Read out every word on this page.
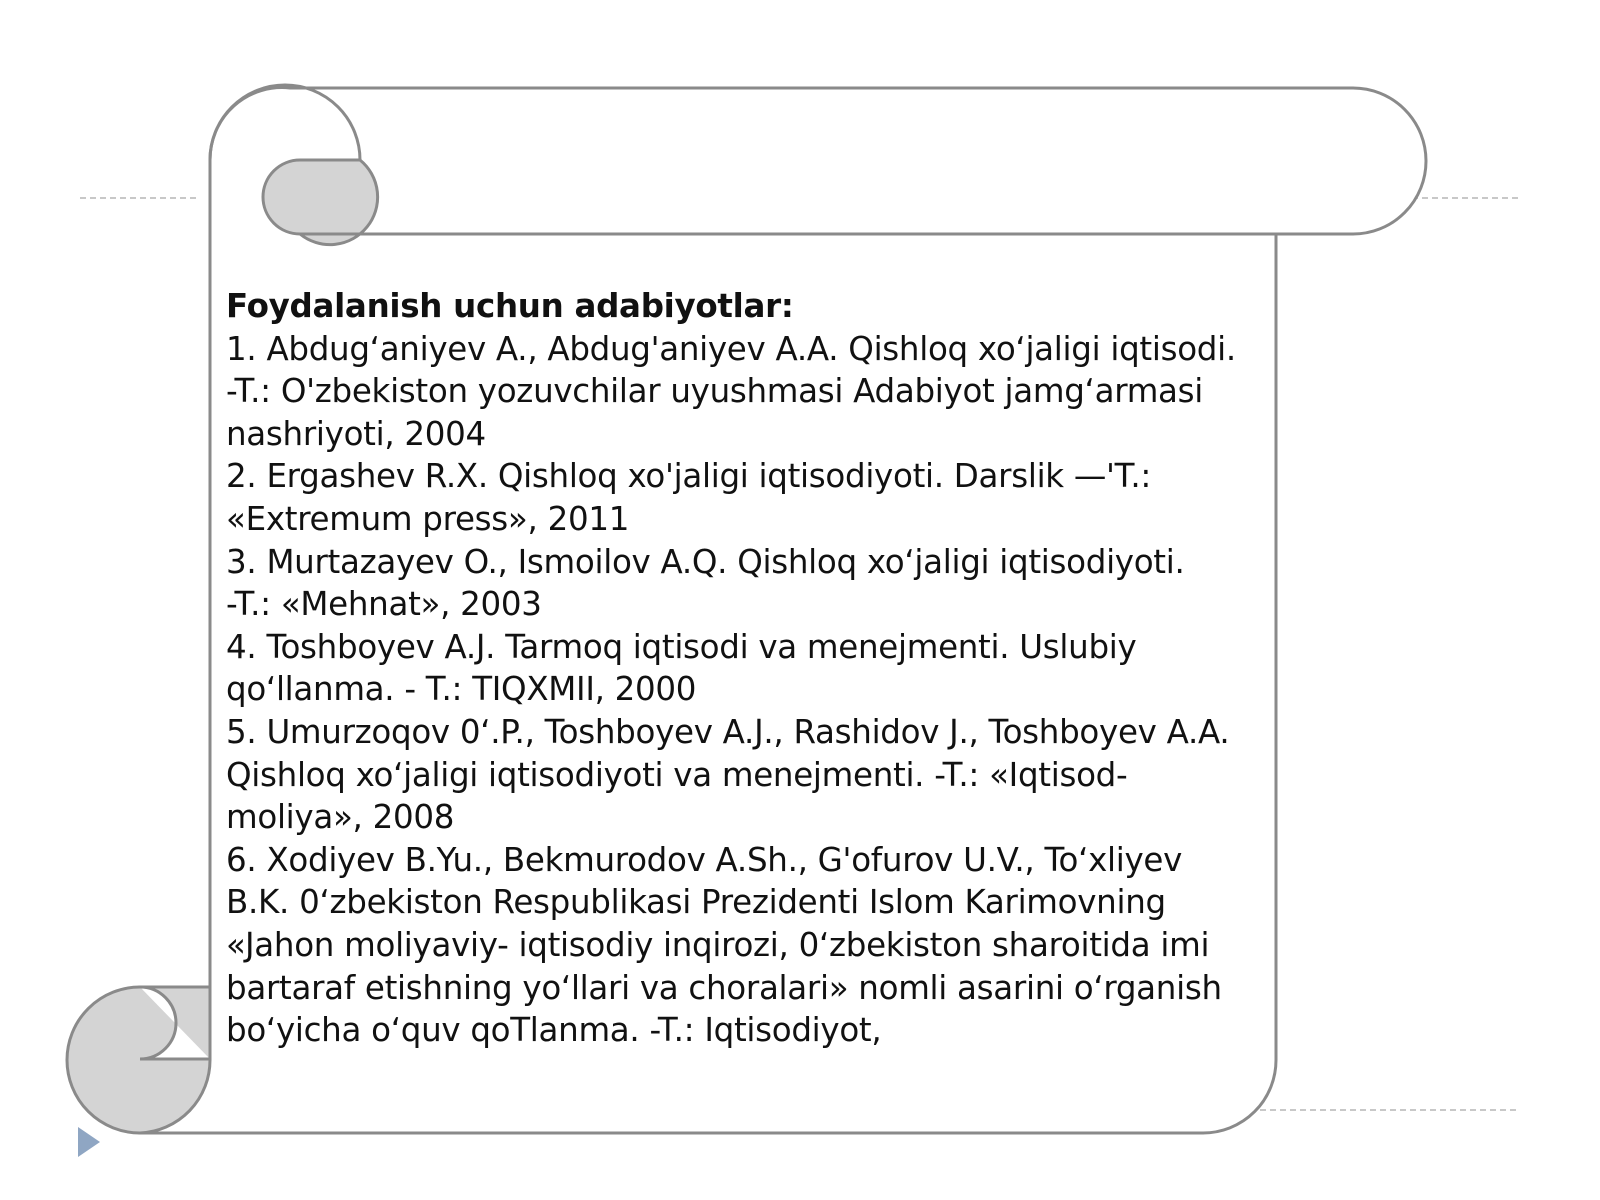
Foydalanish uchun adabiyotlar:

1. Abdug‘aniyev A., Abdug'aniyev A.A. Qishloq xo‘jaligi iqtisodi.

-T.: O'zbekiston yozuvchilar uyushmasi Adabiyot jamg‘armasi

nashriyoti, 2004

2. Ergashev R.X. Qishloq xo'jaligi iqtisodiyoti. Darslik —'T.:

«Extremum press», 2011

3. Murtazayev O., Ismoilov A.Q. Qishloq xo‘jaligi iqtisodiyoti.

-T.: «Mehnat», 2003

4. Toshboyev A.J. Tarmoq iqtisodi va menejmenti. Uslubiy

qo‘llanma. - T.: TIQXMII, 2000

5. Umurzoqov 0‘.P., Toshboyev A.J., Rashidov J., Toshboyev A.A.

Qishloq xo‘jaligi iqtisodiyoti va menejmenti. -T.: «Iqtisod-

moliya», 2008

6. Xodiyev B.Yu., Bekmurodov A.Sh., G'ofurov U.V., To‘xliyev

B.K. 0‘zbekiston Respublikasi Prezidenti Islom Karimovning

«Jahon moliyaviy- iqtisodiy inqirozi, 0‘zbekiston sharoitida imi

bartaraf etishning yo‘llari va choralari» nomli asarini o‘rganish

bo‘yicha o‘quv qoTlanma. -T.: Iqtisodiyot,
